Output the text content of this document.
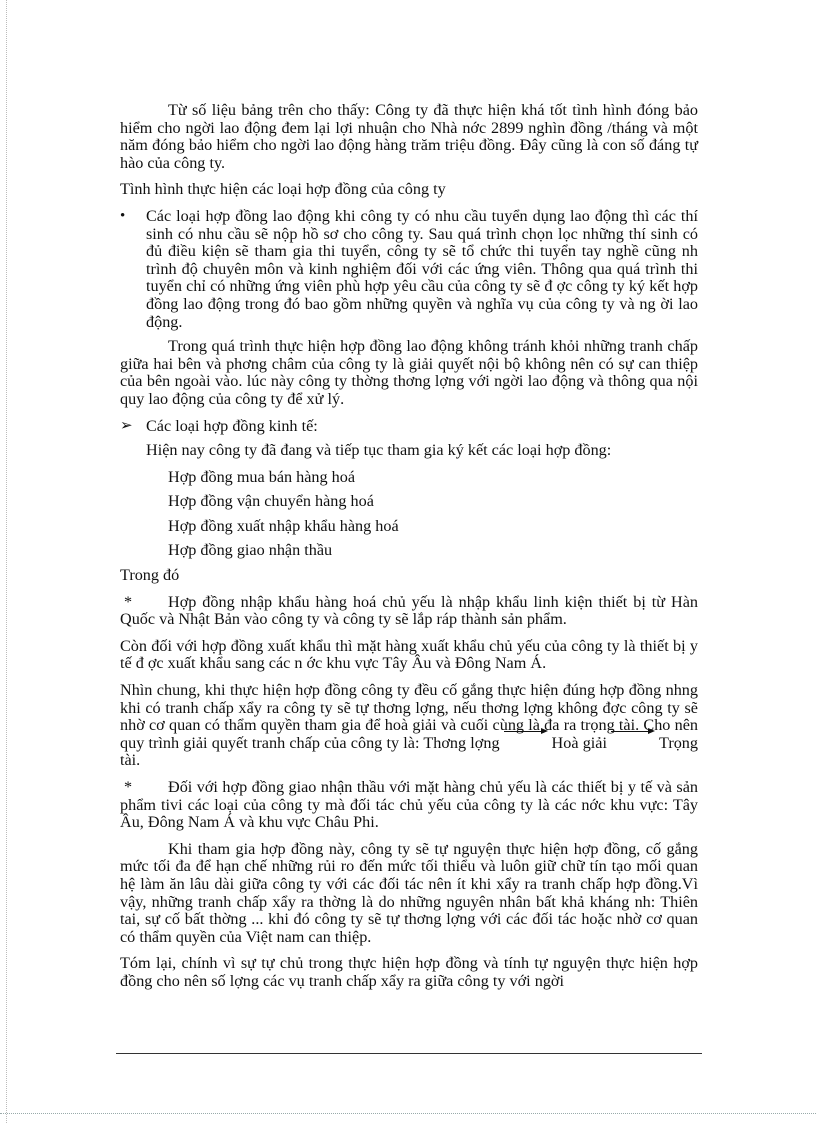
Từ số liệu bảng trên cho thấy: Công ty đã thực hiện khá tốt tình hình đóng bảo hiểm cho ngời lao động đem lại lợi nhuận cho Nhà nớc 2899 nghìn đồng /tháng và một năm đóng bảo hiểm cho ngời lao động hàng trăm triệu đồng. Đây cũng là con số đáng tự hào của công ty.

Tình hình thực hiện các loại hợp đồng của công ty

•	Các loại hợp đồng lao động khi công ty có nhu cầu tuyển dụng lao động thì các thí sinh có nhu cầu sẽ nộp hồ sơ cho công ty. Sau quá trình chọn lọc những thí sinh có đủ điều kiện sẽ tham gia thi tuyển, công ty sẽ tổ chức thi tuyển tay nghề cũng nh trình độ chuyên môn và kinh nghiệm đối với các ứng viên. Thông qua quá trình thi tuyển chỉ có những ứng viên phù hợp yêu cầu của công ty sẽ đ ợc công ty ký kết hợp đồng lao động trong đó bao gồm những quyền và nghĩa vụ của công ty và ng ời lao động.

Trong quá trình thực hiện hợp đồng lao động không tránh khỏi những tranh chấp giữa hai bên và phơng châm của công ty là giải quyết nội bộ không nên có sự can thiệp của bên ngoài vào. lúc này công ty thờng thơng lợng với ngời lao động và thông qua nội quy lao động của công ty để xử lý.

➢ Các loại hợp đồng kinh tế:

Hiện nay công ty đã đang và tiếp tục tham gia ký kết các loại hợp đồng:

Hợp đồng mua bán hàng hoá

Hợp đồng vận chuyển hàng hoá

Hợp đồng xuất nhập khẩu hàng hoá

Hợp đồng giao nhận thầu

Trong đó

* Hợp đồng nhập khẩu hàng hoá chủ yếu là nhập khẩu linh kiện thiết bị từ Hàn Quốc và Nhật Bản vào công ty và công ty sẽ lắp ráp thành sản phẩm.

Còn đối với hợp đồng xuất khẩu thì mặt hàng xuất khẩu chủ yếu của công ty là thiết bị y tế đ ợc xuất khẩu sang các n ớc khu vực Tây Âu và Đông Nam Á.

Nhìn chung, khi thực hiện hợp đồng công ty đều cố gắng thực hiện đúng hợp đồng nhng khi có tranh chấp xẩy ra công ty sẽ tự thơng lợng, nếu thơng lợng không đợc công ty sẽ nhờ cơ quan có thẩm quyền tham gia để hoà giải và cuối cùng là đa ra trọng tài. Cho nên quy trình giải quyết tranh chấp của công ty là: Thơng lợng	Hoà giải	Trọng tài.

* Đối với hợp đồng giao nhận thầu với mặt hàng chủ yếu là các thiết bị y tế và sản phẩm tivi các loại của công ty mà đối tác chủ yếu của công ty là các nớc khu vực: Tây Âu, Đông Nam Á và khu vực Châu Phi.

Khi tham gia hợp đồng này, công ty sẽ tự nguyện thực hiện hợp đồng, cố gắng mức tối đa để hạn chế những rủi ro đến mức tối thiểu và luôn giữ chữ tín tạo mối quan hệ làm ăn lâu dài giữa công ty với các đối tác nên ít khi xẩy ra tranh chấp hợp đồng.Vì vậy, những tranh chấp xẩy ra thờng là do những nguyên nhân bất khả kháng nh: Thiên tai, sự cố bất thờng ... khi đó công ty sẽ tự thơng lợng với các đối tác hoặc nhờ cơ quan có thẩm quyền của Việt nam can thiệp.

Tóm lại, chính vì sự tự chủ trong thực hiện hợp đồng và tính tự nguyện thực hiện hợp đồng cho nên số lợng các vụ tranh chấp xẩy ra giữa công ty với ngời
